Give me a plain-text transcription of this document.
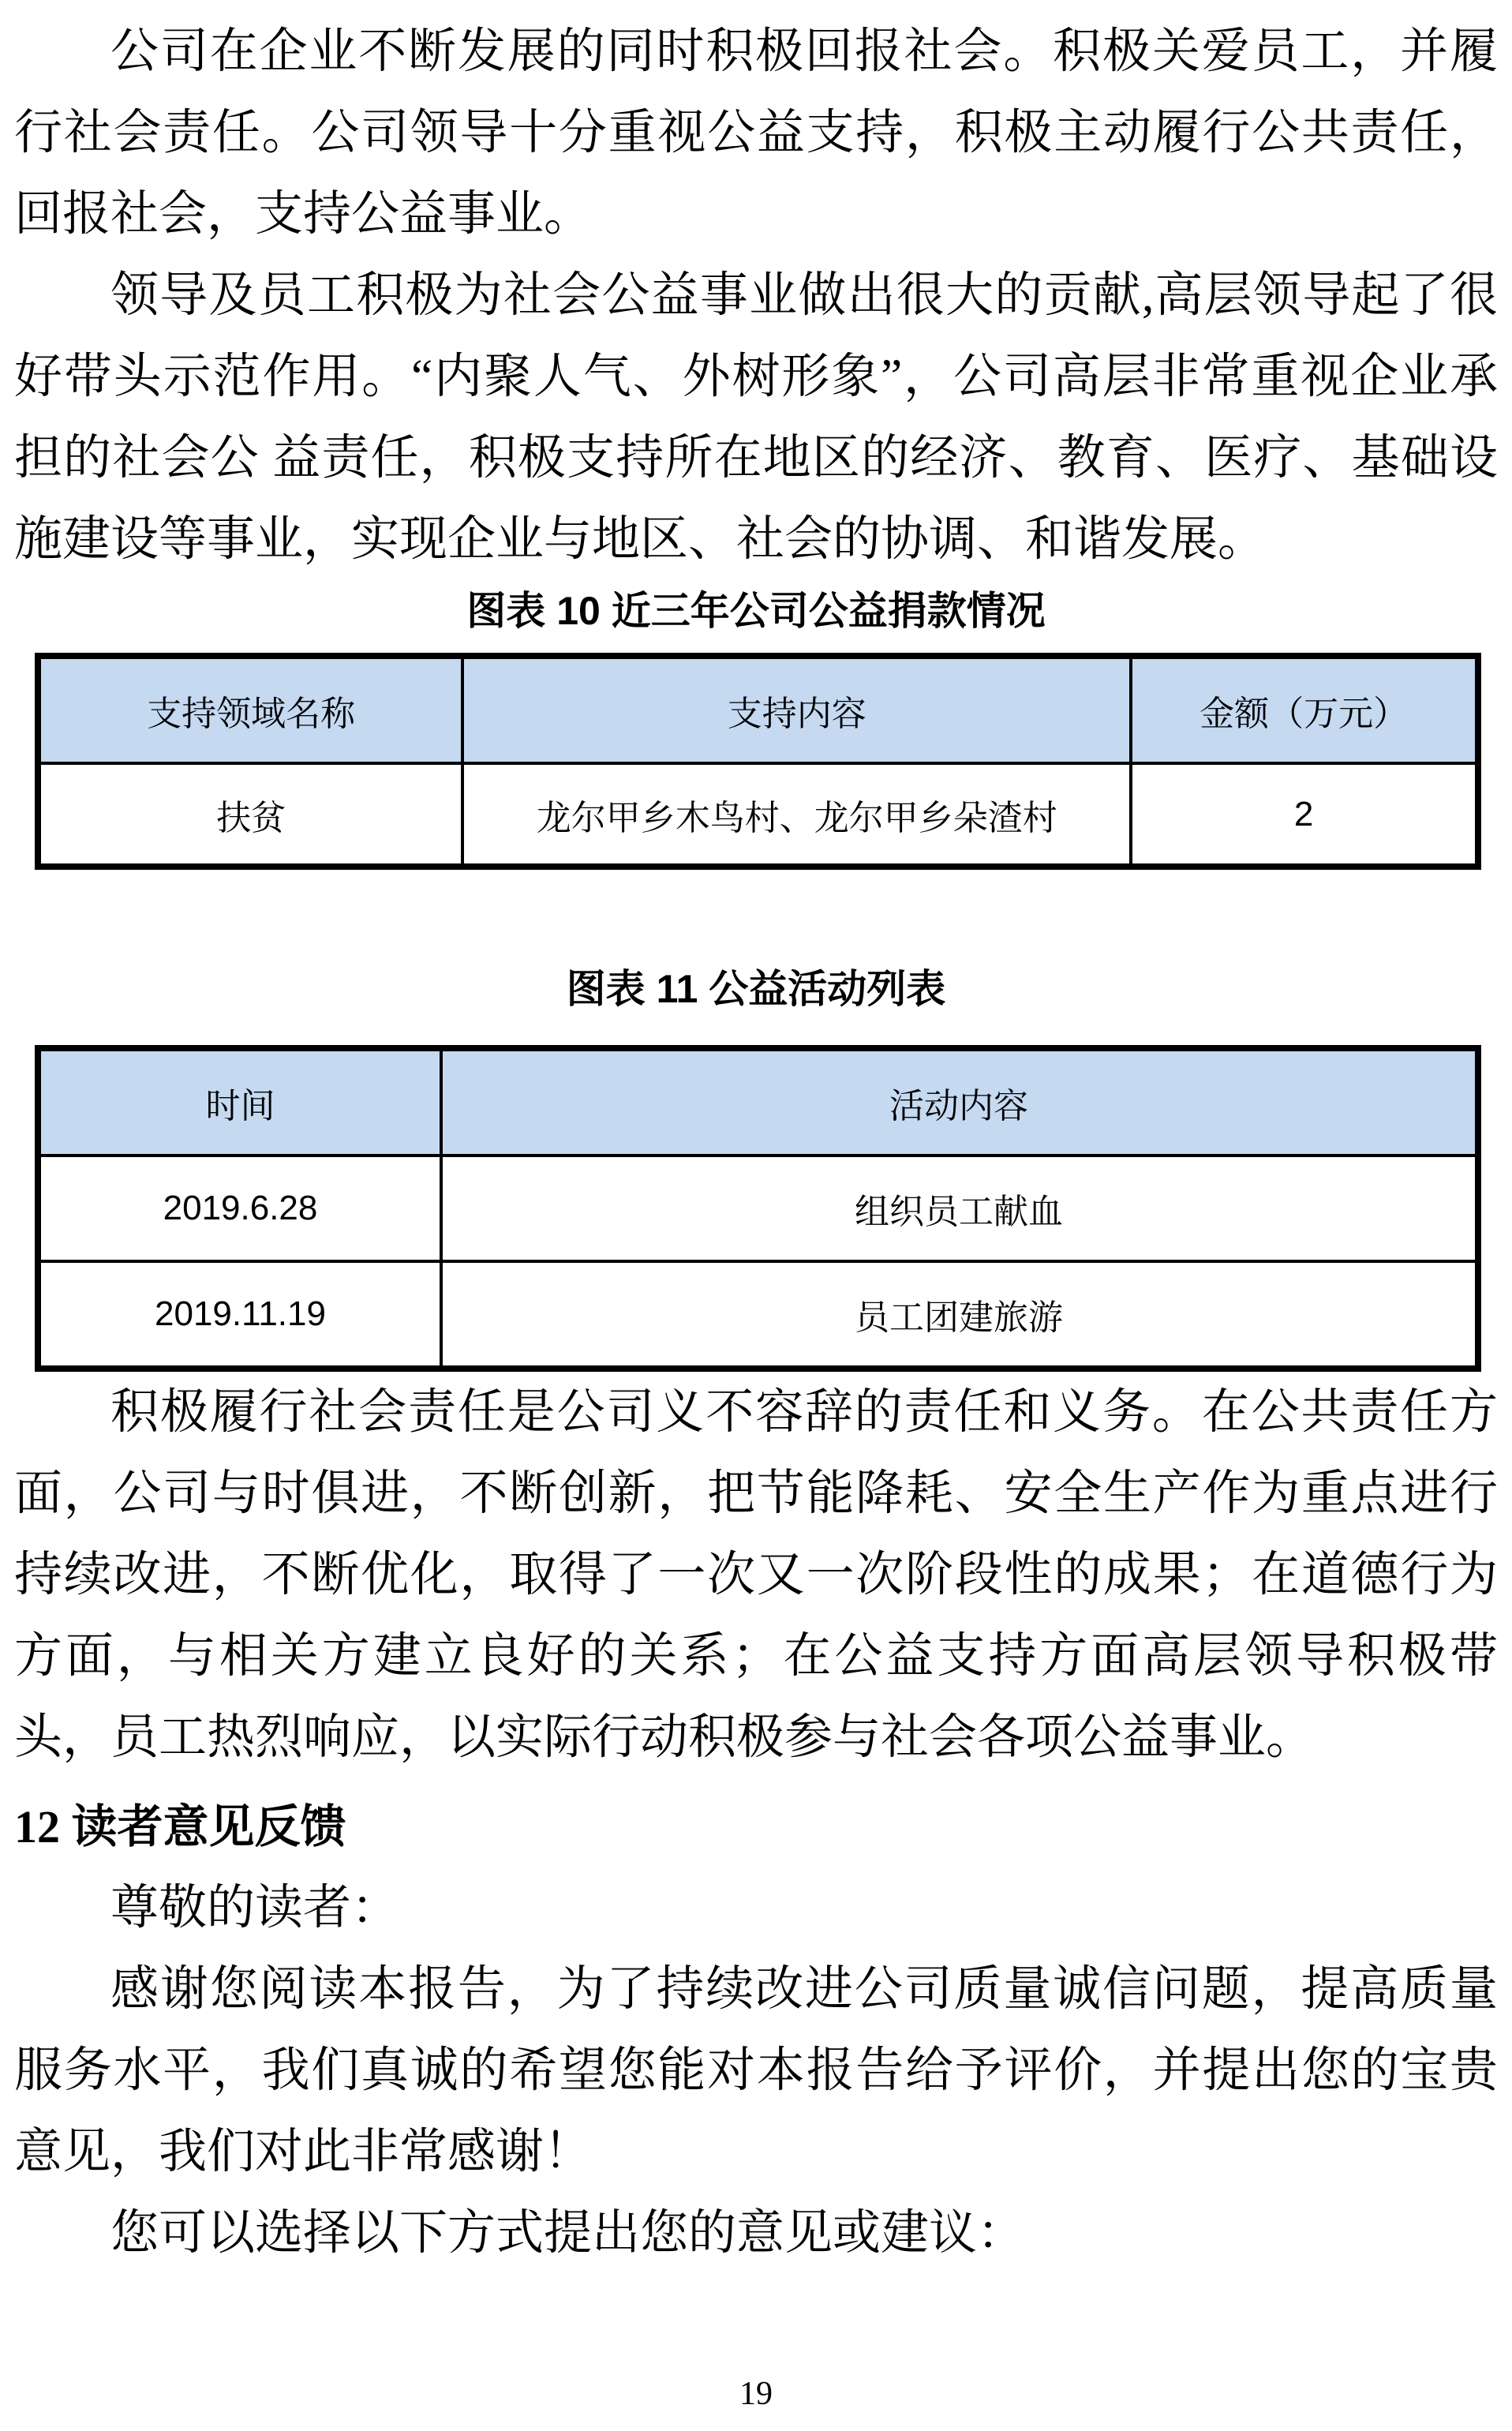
公司在企业不断发展的同时积极回报社会。积极关爱员工，并履行社会责任。公司领导十分重视公益支持，积极主动履行公共责任，回报社会，支持公益事业。

领导及员工积极为社会公益事业做出很大的贡献,高层领导起了很好带头示范作用。“内聚人气、外树形象”，公司高层非常重视企业承担的社会公 益责任，积极支持所在地区的经济、教育、医疗、基础设施建设等事业，实现企业与地区、社会的协调、和谐发展。

图表 10 近三年公司公益捐款情况
支持领域名称	支持内容	金额（万元）
扶贫	龙尔甲乡木鸟村、龙尔甲乡朵渣村	2
图表 11 公益活动列表
时间	活动内容
2019.6.28	组织员工献血
2019.11.19	员工团建旅游

积极履行社会责任是公司义不容辞的责任和义务。在公共责任方面，公司与时俱进，不断创新，把节能降耗、安全生产作为重点进行持续改进，不断优化，取得了一次又一次阶段性的成果；在道德行为方面，与相关方建立良好的关系；在公益支持方面高层领导积极带头，员工热烈响应，以实际行动积极参与社会各项公益事业。

12 读者意见反馈

尊敬的读者：

感谢您阅读本报告，为了持续改进公司质量诚信问题，提高质量服务水平，我们真诚的希望您能对本报告给予评价，并提出您的宝贵意见，我们对此非常感谢！

您可以选择以下方式提出您的意见或建议：

19
